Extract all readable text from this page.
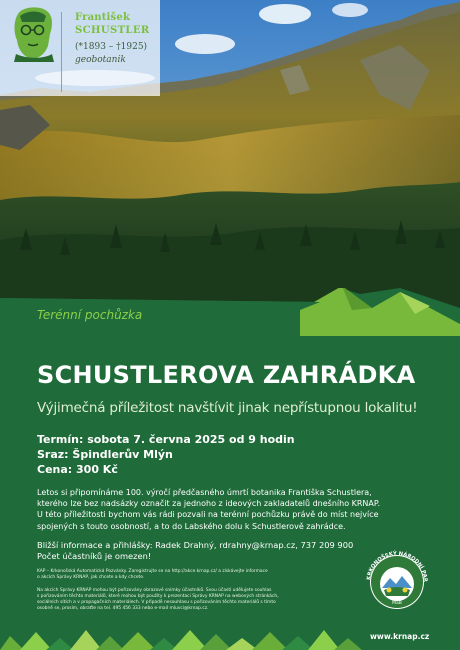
František
SCHUSTLER
(*1893 – †1925)
geobotanik
Terénní pochůzka
SCHUSTLEROVA ZAHRÁDKA
Výjimečná příležitost navštívit jinak nepřístupnou lokalitu!
Termín: sobota 7. června 2025 od 9 hodin
Sraz: Špindlerův Mlýn
Cena: 300 Kč
Letos si připomínáme 100. výročí předčasného úmrtí botanika Františka Schustlera,
kterého lze bez nadsázky označit za jednoho z ideových zakladatelů dnešního KRNAP.
U této příležitosti bychom vás rádi pozvali na terénní pochůzku právě do míst nejvíce
spojených s touto osobností, a to do Labského dolu k Schustlerově zahrádce.
Bližší informace a přihlášky: Radek Drahný, rdrahny@krnap.cz, 737 209 900
Počet účastníků je omezen!
KAP – Krkonošská Automatická Pozvánky. Zaregistrujte se na http://akce.krnap.cz/ a získávejte informace
o akcích Správy KRNAP, jak chcete a kdy chcete.
Na akcích Správy KRNAP mohou být pořizovány obrazové snímky účastníků. Svou účastí udělujete souhlas
s pořizováním těchto materiálů, které mohou být použity k prezentaci Správy KRNAP na webových stránkách,
sociálních sítích a v propagačních materiálech. V případě nesouhlasu s pořizováním těchto materiálů s tímto
osobně se, prosím, obraťte na tel. 495 456 333 nebo e-mail mluvci@krnap.cz.
KRKONOŠSKÝ NÁRODNÍ PAR
MaB
www.krnap.cz
